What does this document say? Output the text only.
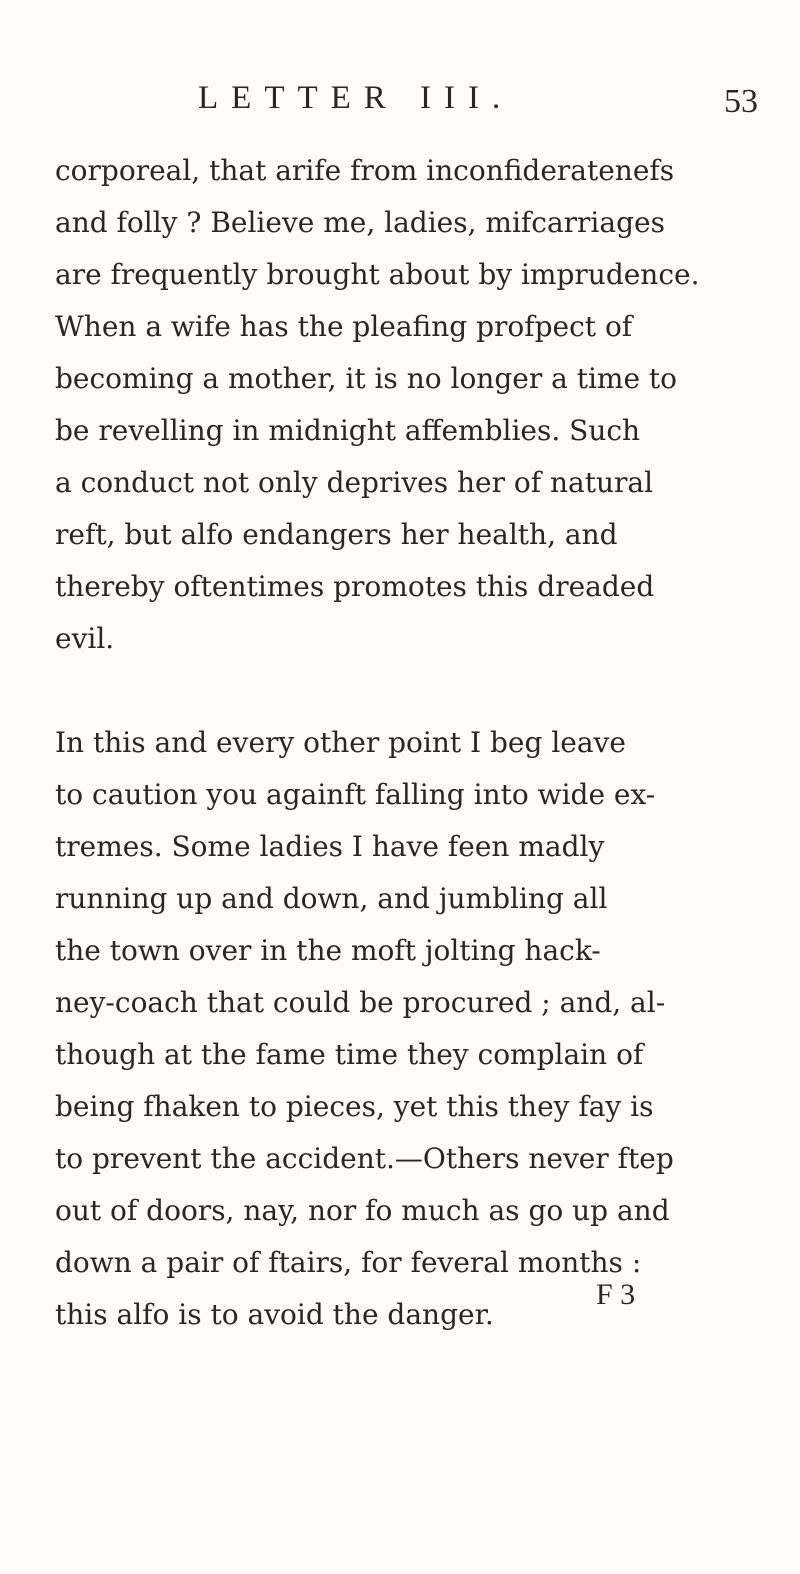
LETTER III.	53
corporeal, that arife from inconfideratenefs
and folly ? Believe me, ladies, mifcarriages
are frequently brought about by imprudence.
When a wife has the pleafing profpect of
becoming a mother, it is no longer a time to
be revelling in midnight affemblies. Such
a conduct not only deprives her of natural
reft, but alfo endangers her health, and
thereby oftentimes promotes this dreaded
evil.
In this and every other point I beg leave
to caution you againft falling into wide ex-
tremes. Some ladies I have feen madly
running up and down, and jumbling all
the town over in the moft jolting hack-
ney-coach that could be procured ; and, al-
though at the fame time they complain of
being fhaken to pieces, yet this they fay is
to prevent the accident.—Others never ftep
out of doors, nay, nor fo much as go up and
down a pair of ftairs, for feveral months :
this alfo is to avoid the danger.
F 3
